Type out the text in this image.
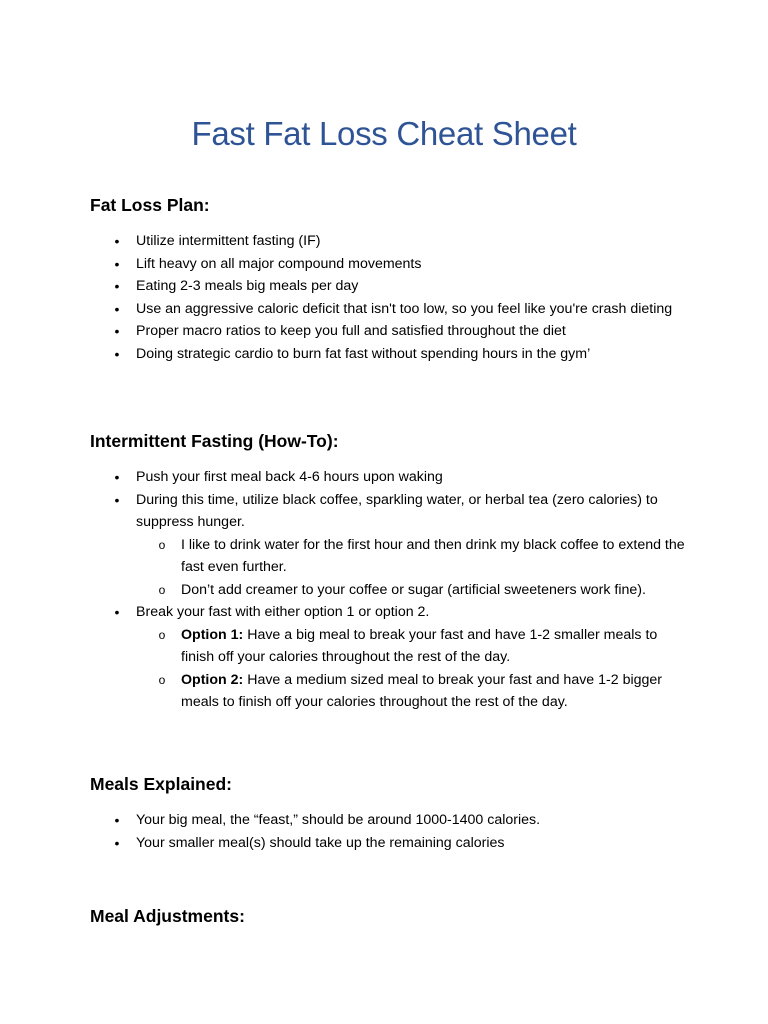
Fast Fat Loss Cheat Sheet
Fat Loss Plan:
• Utilize intermittent fasting (IF)
• Lift heavy on all major compound movements
• Eating 2-3 meals big meals per day
• Use an aggressive caloric deficit that isn't too low, so you feel like you're crash dieting
• Proper macro ratios to keep you full and satisfied throughout the diet
• Doing strategic cardio to burn fat fast without spending hours in the gym’
Intermittent Fasting (How-To):
• Push your first meal back 4-6 hours upon waking
• During this time, utilize black coffee, sparkling water, or herbal tea (zero calories) to suppress hunger.
o I like to drink water for the first hour and then drink my black coffee to extend the fast even further.
o Don’t add creamer to your coffee or sugar (artificial sweeteners work fine).
• Break your fast with either option 1 or option 2.
o Option 1: Have a big meal to break your fast and have 1-2 smaller meals to finish off your calories throughout the rest of the day.
o Option 2: Have a medium sized meal to break your fast and have 1-2 bigger meals to finish off your calories throughout the rest of the day.
Meals Explained:
• Your big meal, the “feast,” should be around 1000-1400 calories.
• Your smaller meal(s) should take up the remaining calories
Meal Adjustments:
